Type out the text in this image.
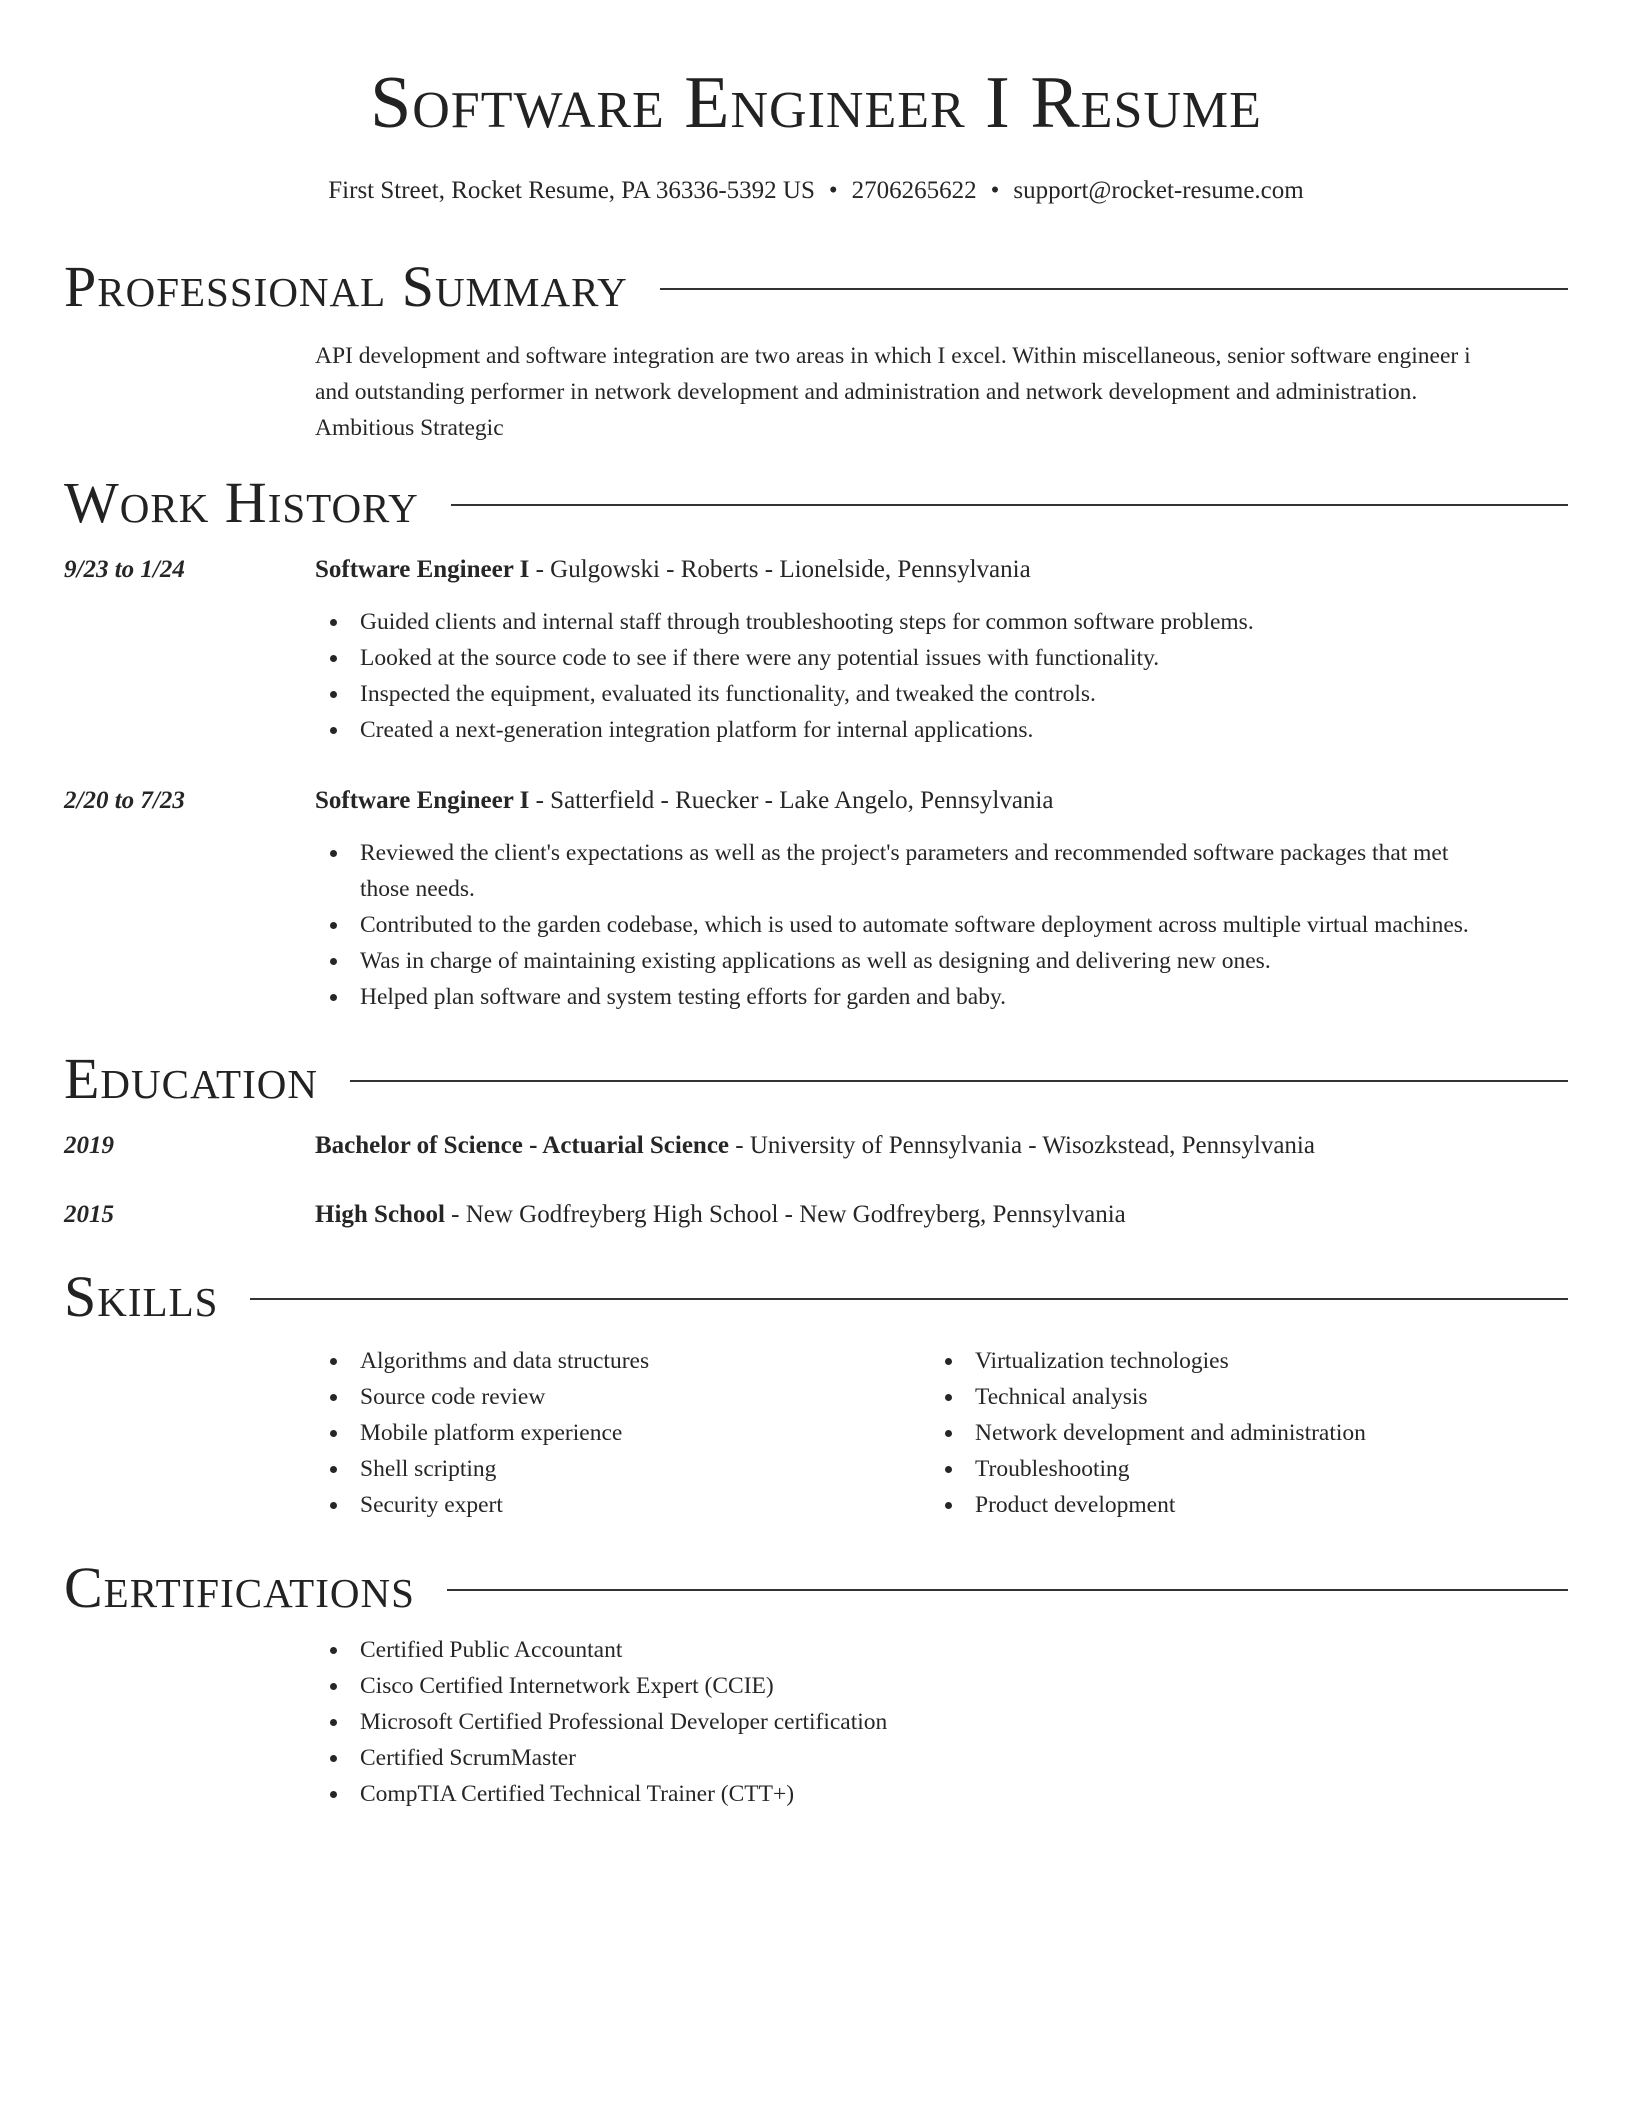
Software Engineer I Resume
First Street, Rocket Resume, PA 36336-5392 US • 2706265622 • support@rocket-resume.com
Professional Summary
API development and software integration are two areas in which I excel. Within miscellaneous, senior software engineer i
and outstanding performer in network development and administration and network development and administration.
Ambitious Strategic
Work History
9/23 to 1/24	Software Engineer I - Gulgowski - Roberts - Lionelside, Pennsylvania
Guided clients and internal staff through troubleshooting steps for common software problems.
Looked at the source code to see if there were any potential issues with functionality.
Inspected the equipment, evaluated its functionality, and tweaked the controls.
Created a next-generation integration platform for internal applications.
2/20 to 7/23	Software Engineer I - Satterfield - Ruecker - Lake Angelo, Pennsylvania
Reviewed the client's expectations as well as the project's parameters and recommended software packages that met
those needs.
Contributed to the garden codebase, which is used to automate software deployment across multiple virtual machines.
Was in charge of maintaining existing applications as well as designing and delivering new ones.
Helped plan software and system testing efforts for garden and baby.
Education
2019	Bachelor of Science - Actuarial Science - University of Pennsylvania - Wisozkstead, Pennsylvania
2015	High School - New Godfreyberg High School - New Godfreyberg, Pennsylvania
Skills
Algorithms and data structures
Source code review
Mobile platform experience
Shell scripting
Security expert
Virtualization technologies
Technical analysis
Network development and administration
Troubleshooting
Product development
Certifications
Certified Public Accountant
Cisco Certified Internetwork Expert (CCIE)
Microsoft Certified Professional Developer certification
Certified ScrumMaster
CompTIA Certified Technical Trainer (CTT+)
